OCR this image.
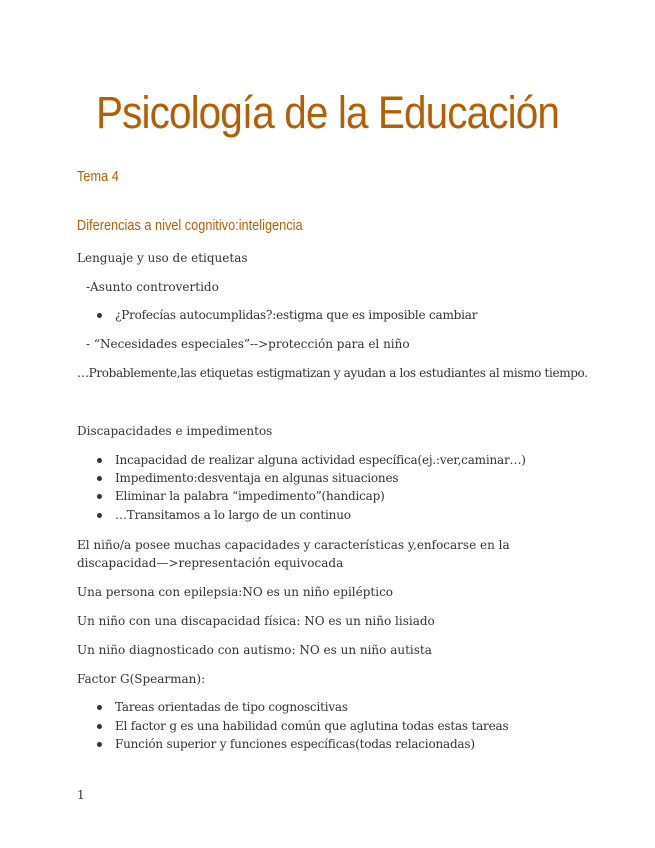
Psicología de la Educación
Tema 4
Diferencias a nivel cognitivo:inteligencia
Lenguaje y uso de etiquetas
-Asunto controvertido
¿Profecías autocumplidas?:estigma que es imposible cambiar
- “Necesidades especiales”-->protección para el niño
…Probablemente,las etiquetas estigmatizan y ayudan a los estudiantes al mismo tiempo.
Discapacidades e impedimentos
Incapacidad de realizar alguna actividad específica(ej.:ver,caminar…)
Impedimento:desventaja en algunas situaciones
Eliminar la palabra “impedimento”(handicap)
…Transitamos a lo largo de un continuo
El niño/a posee muchas capacidades y características y,enfocarse en la
discapacidad—>representación equivocada
Una persona con epilepsia:NO es un niño epiléptico
Un niño con una discapacidad física: NO es un niño lisiado
Un niño diagnosticado con autismo: NO es un niño autista
Factor G(Spearman):
Tareas orientadas de tipo cognoscitivas
El factor g es una habilidad común que aglutina todas estas tareas
Función superior y funciones específicas(todas relacionadas)
1
